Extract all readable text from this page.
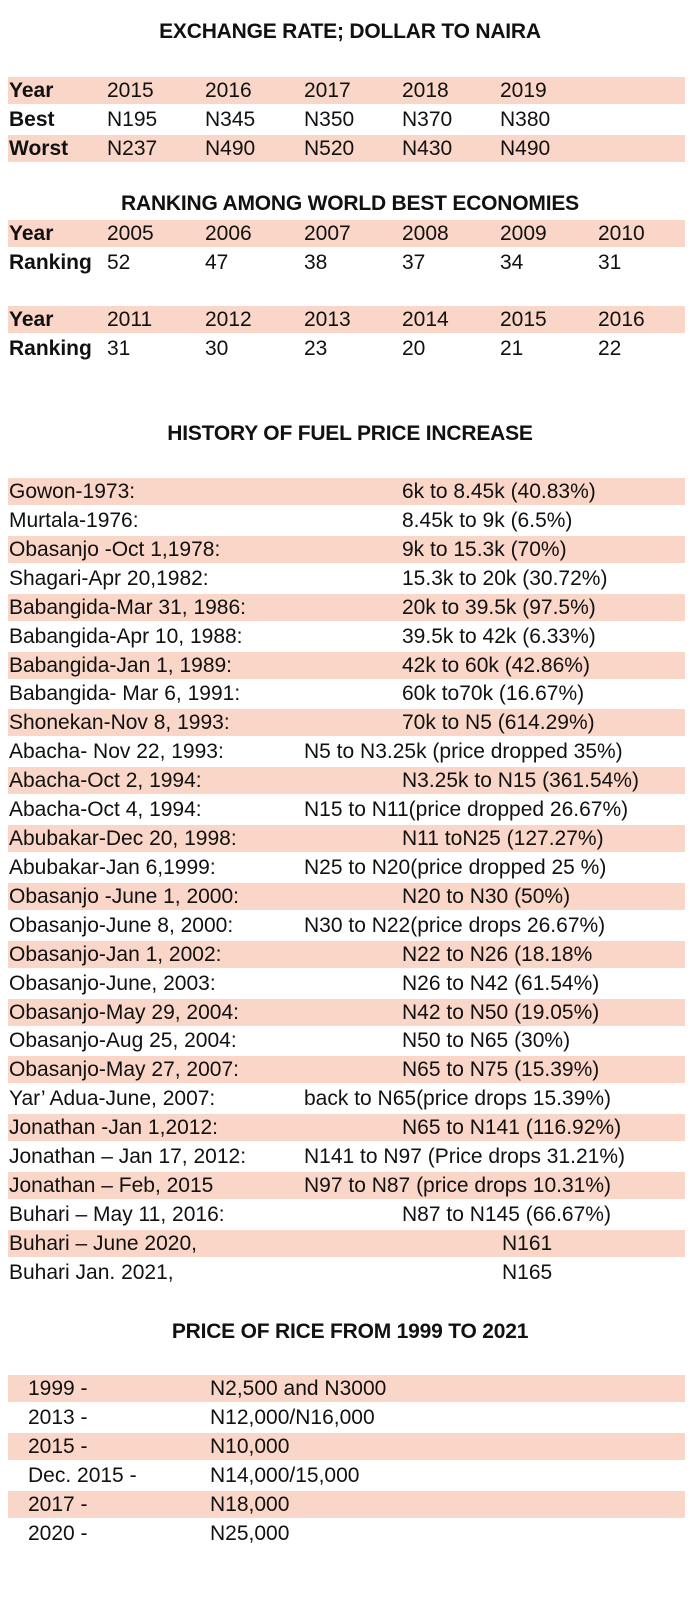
EXCHANGE RATE; DOLLAR TO NAIRA
Year	2015 2016 2017 2018 2019
Best N195 N345 N350 N370 N380
Worst N237 N490 N520 N430 N490
RANKING AMONG WORLD BEST ECONOMIES
Year	2005 2006 2007 2008 2009 2010
Ranking 52	47	38	37	34	31
Year	2011	2012 2013 2014 2015 2016
Ranking 31	30	23	20	21	22
HISTORY OF FUEL PRICE INCREASE
Gowon-1973:	6k to 8.45k (40.83%)
Murtala-1976:	8.45k to 9k (6.5%)
Obasanjo -Oct 1,1978:	9k to 15.3k (70%)
Shagari-Apr 20,1982:	15.3k to 20k (30.72%)
Babangida-Mar 31, 1986:	20k to 39.5k (97.5%)
Babangida-Apr 10, 1988:	39.5k to 42k (6.33%)
Babangida-Jan 1, 1989:	42k to 60k (42.86%)
Babangida- Mar 6, 1991:	60k to70k (16.67%)
Shonekan-Nov 8, 1993:	70k to N5 (614.29%)
Abacha- Nov 22, 1993:	N5 to N3.25k (price dropped 35%)
Abacha-Oct 2, 1994:	N3.25k to N15 (361.54%)
Abacha-Oct 4, 1994:	N15 to N11(price dropped 26.67%)
Abubakar-Dec 20, 1998:	N11 toN25 (127.27%)
Abubakar-Jan 6,1999:	N25 to N20(price dropped 25 %)
Obasanjo -June 1, 2000:	N20 to N30 (50%)
Obasanjo-June 8, 2000:	N30 to N22(price drops 26.67%)
Obasanjo-Jan 1, 2002:	N22 to N26 (18.18%
Obasanjo-June, 2003:	N26 to N42 (61.54%)
Obasanjo-May 29, 2004:	N42 to N50 (19.05%)
Obasanjo-Aug 25, 2004:	N50 to N65 (30%)
Obasanjo-May 27, 2007:	N65 to N75 (15.39%)
Yar’ Adua-June, 2007:	back to N65(price drops 15.39%)
Jonathan -Jan 1,2012:	N65 to N141 (116.92%)
Jonathan – Jan 17, 2012:	N141 to N97 (Price drops 31.21%)
Jonathan – Feb, 2015	N97 to N87 (price drops 10.31%)
Buhari – May 11, 2016:	N87 to N145 (66.67%)
Buhari – June 2020,	N161
Buhari Jan. 2021,	N165
PRICE OF RICE FROM 1999 TO 2021
1999 -	N2,500 and N3000
2013 -	N12,000/N16,000
2015 -	N10,000
Dec. 2015 -	N14,000/15,000
2017 -	N18,000
2020 -	N25,000
